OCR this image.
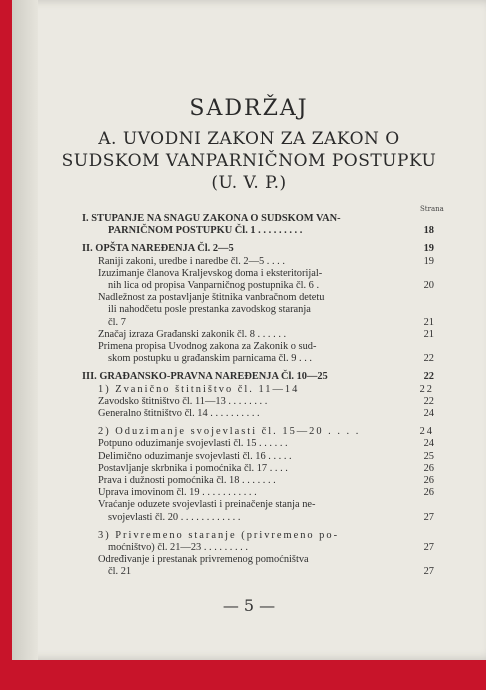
SADRŽAJ
A. UVODNI ZAKON ZA ZAKON O
SUDSKOM VANPARNIČNOM POSTUPKU
(U. V. P.)
Strana
I. STUPANJE NA SNAGU ZAKONA O SUDSKOM VAN-
PARNIČNOM POSTUPKU Čl. 1 . . . . . . . . .	18
II. OPŠTA NAREĐENJA Čl. 2—5	19
Raniji zakoni, uredbe i naredbe čl. 2—5 . . . .	19
Izuzimanje članova Kraljevskog doma i eksteritorijal-
nih lica od propisa Vanparničnog postupnika čl. 6 .	20
Nadležnost za postavljanje štitnika vanbračnom detetu
ili nahodčetu posle prestanka zavodskog staranja
čl. 7	21
Značaj izraza Građanski zakonik čl. 8 . . . . . .	21
Primena propisa Uvodnog zakona za Zakonik o sud-
skom postupku u građanskim parnicama čl. 9 . . .	22
III. GRAĐANSKO-PRAVNA NAREĐENJA Čl. 10—25	22
1) Zvanično štitništvo čl. 11—14	22
Zavodsko štitništvo čl. 11—13 . . . . . . . .	22
Generalno štitništvo čl. 14 . . . . . . . . . .	24
2) Oduzimanje svojevlasti čl. 15—20 . . . .	24
Potpuno oduzimanje svojevlasti čl. 15 . . . . . .	24
Delimično oduzimanje svojevlasti čl. 16 . . . . .	25
Postavljanje skrbnika i pomoćnika čl. 17 . . . .	26
Prava i dužnosti pomoćnika čl. 18 . . . . . . .	26
Uprava imovinom čl. 19 . . . . . . . . . . .	26
Vraćanje oduzete svojevlasti i preinačenje stanja ne-
svojevlasti čl. 20 . . . . . . . . . . . .	27
3) Privremeno staranje (privremeno po-
moćništvo) čl. 21—23 . . . . . . . . .	27
Određivanje i prestanak privremenog pomoćništva
čl. 21	27
— 5 —
